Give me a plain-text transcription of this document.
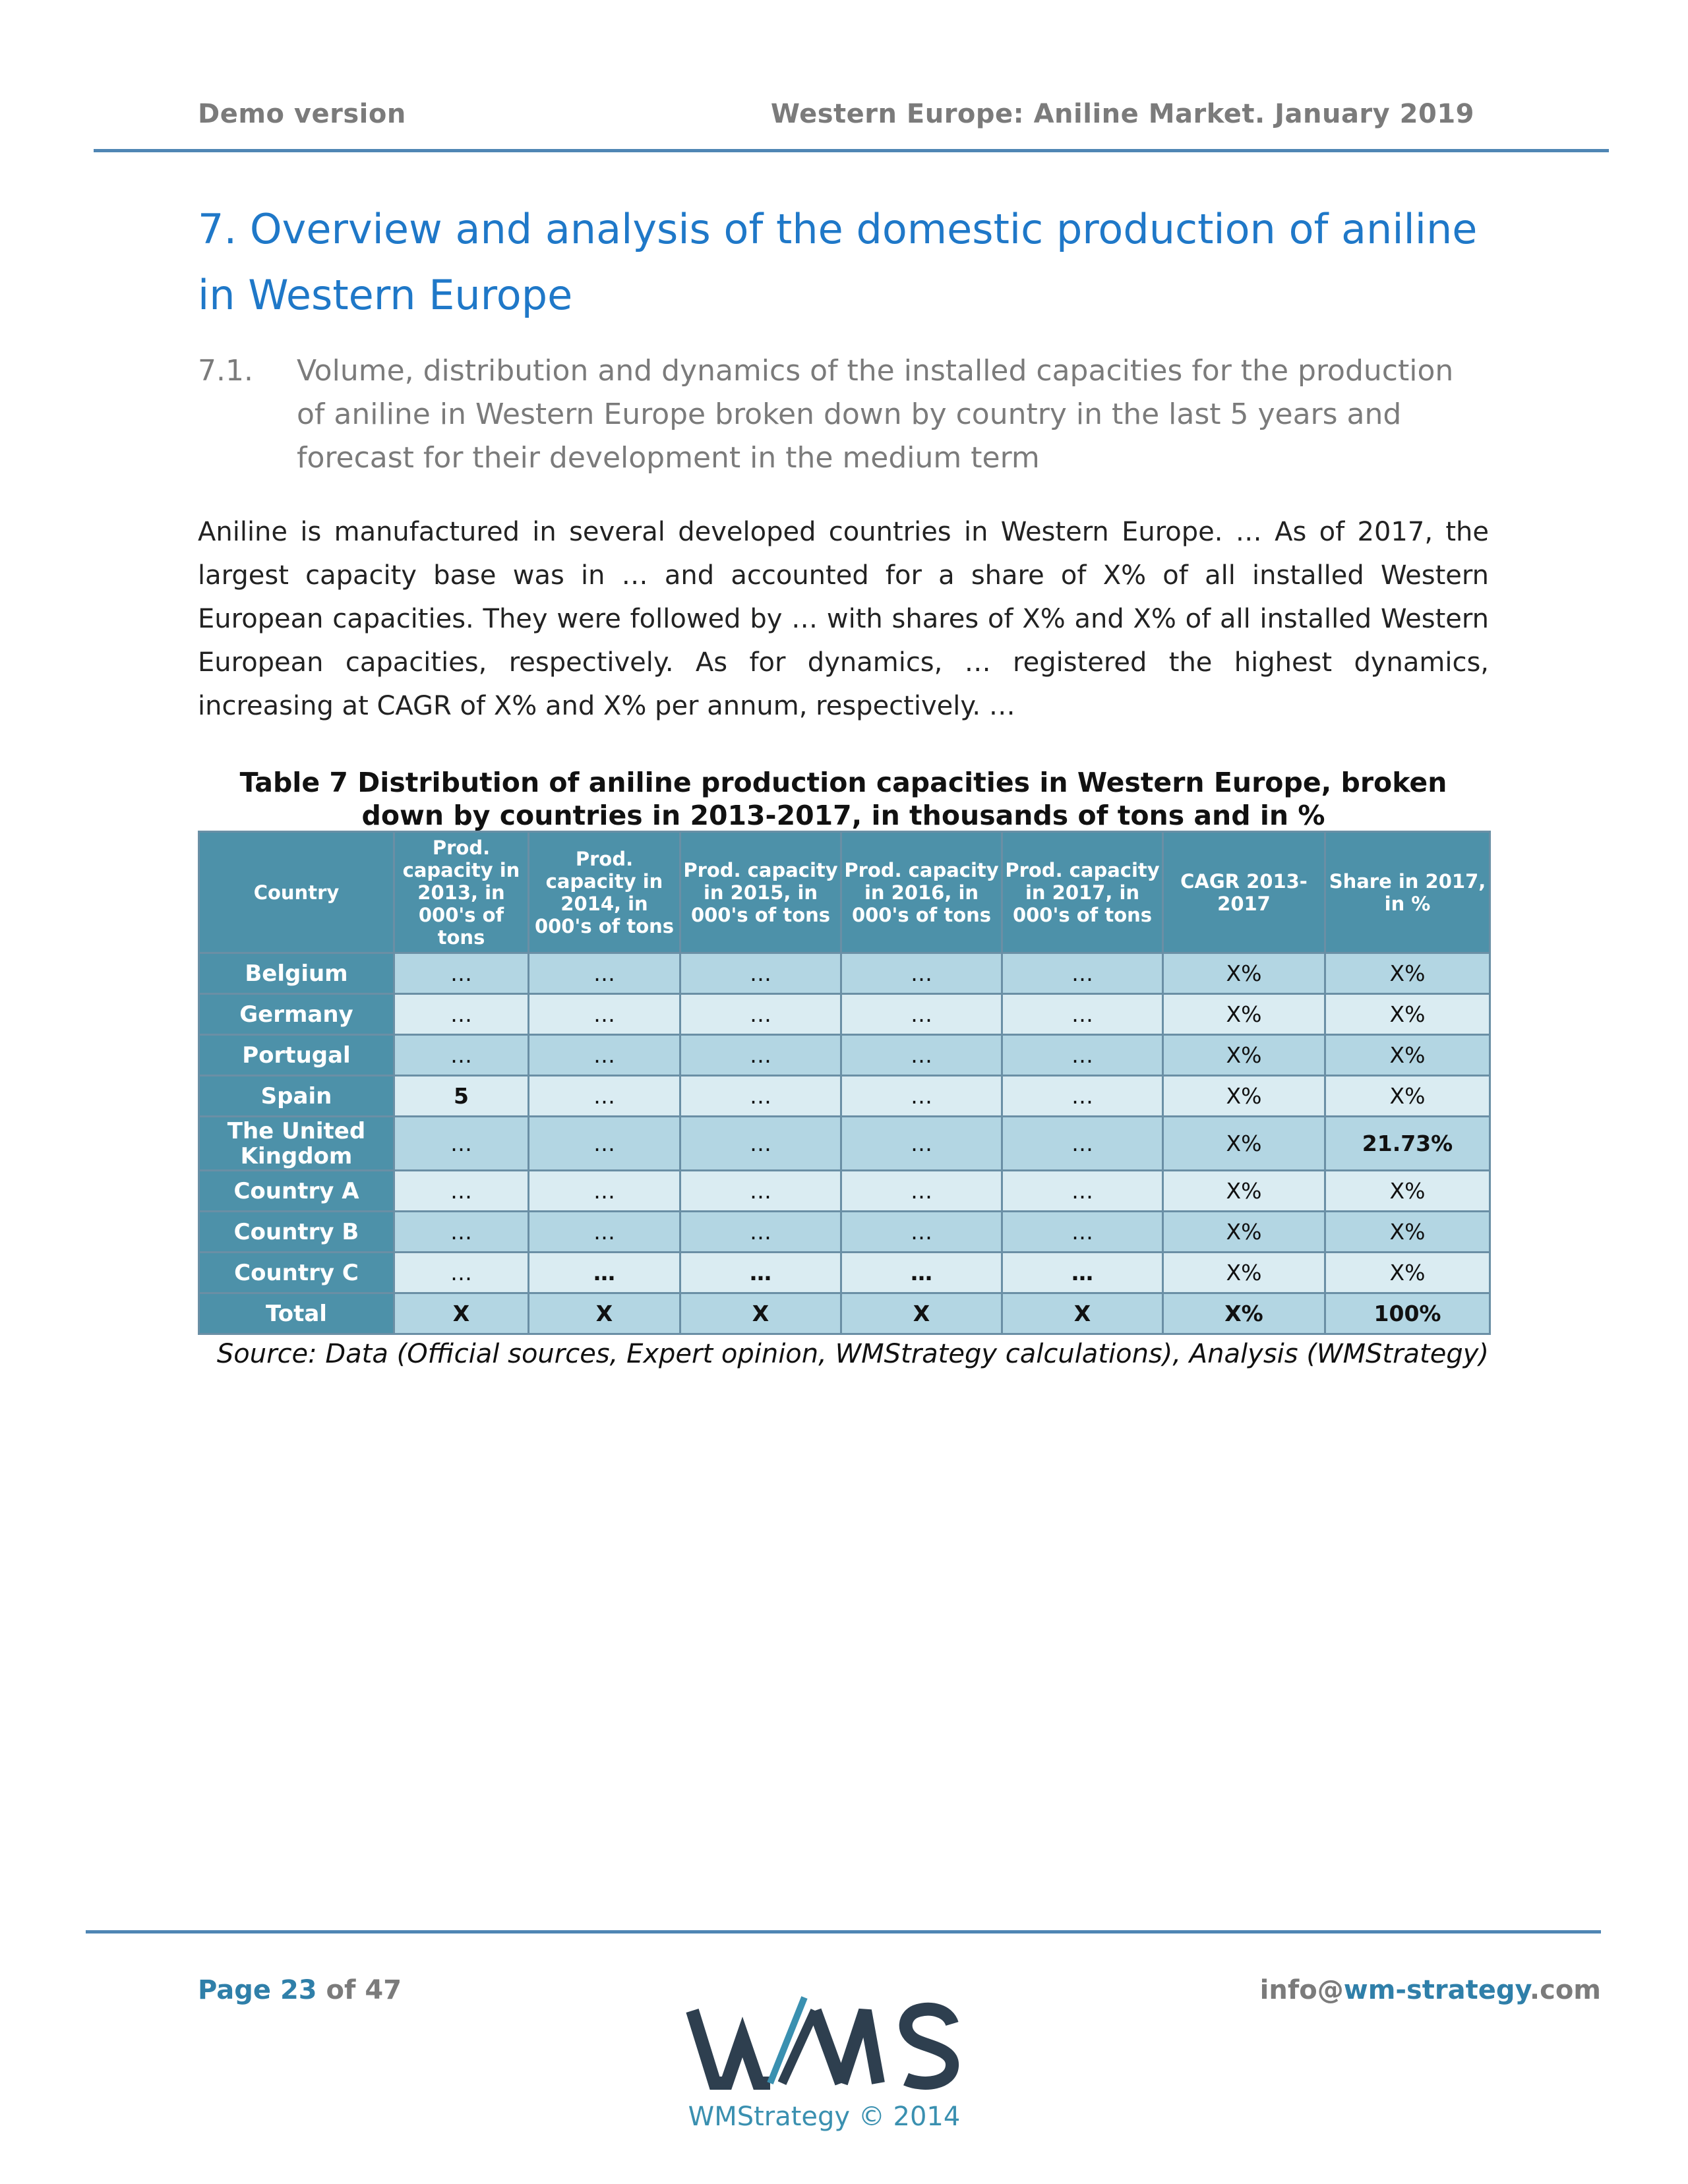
Demo version	Western Europe: Aniline Market. January 2019
7. Overview and analysis of the domestic production of aniline in Western Europe
7.1.	Volume, distribution and dynamics of the installed capacities for the production of aniline in Western Europe broken down by country in the last 5 years and forecast for their development in the medium term
Aniline is manufactured in several developed countries in Western Europe. … As of 2017, the largest capacity base was in … and accounted for a share of X% of all installed Western European capacities. They were followed by … with shares of X% and X% of all installed Western European capacities, respectively. As for dynamics, … registered the highest dynamics, increasing at CAGR of X% and X% per annum, respectively. …
Table 7 Distribution of aniline production capacities in Western Europe, broken
down by countries in 2013-2017, in thousands of tons and in %
Country	Prod. capacity in 2013, in 000's of tons	Prod. capacity in 2014, in 000's of tons	Prod. capacity in 2015, in 000's of tons	Prod. capacity in 2016, in 000's of tons	Prod. capacity in 2017, in 000's of tons	CAGR 2013-2017	Share in 2017, in %
Belgium	…	…	…	…	…	X%	X%
Germany	…	…	…	…	…	X%	X%
Portugal	…	…	…	…	…	X%	X%
Spain	5	…	…	…	…	X%	X%
The United Kingdom	…	…	…	…	…	X%	21.73%
Country A	…	…	…	…	…	X%	X%
Country B	…	…	…	…	…	X%	X%
Country C	…	…	…	…	…	X%	X%
Total	X	X	X	X	X	X%	100%
Source: Data (Official sources, Expert opinion, WMStrategy calculations), Analysis (WMStrategy)
Page 23 of 47	info@wm-strategy.com
WMStrategy © 2014
